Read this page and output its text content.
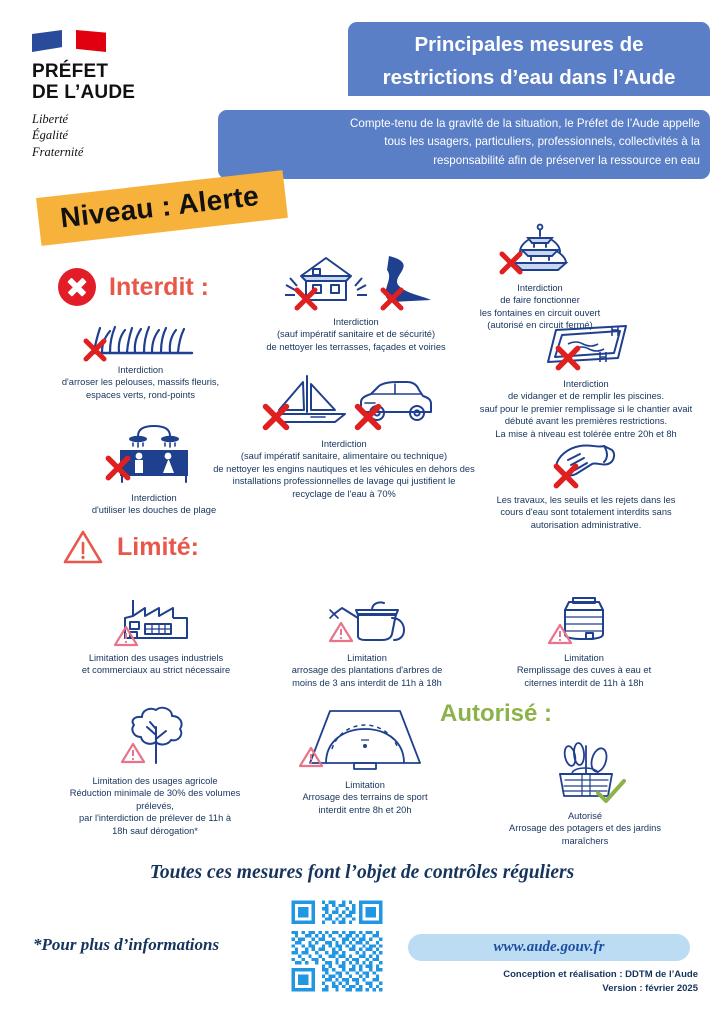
PRÉFET
DE L’AUDE
Liberté
Égalité
Fraternité
Principales mesures de
restrictions d’eau dans l’Aude
Compte-tenu de la gravité de la situation, le Préfet de l’Aude appelle
tous les usagers, particuliers, professionnels, collectivités à la
responsabilité afin de préserver la ressource en eau
Niveau : Alerte
Interdit :
Interdiction
d'arroser les pelouses, massifs fleuris,
espaces verts, rond-points
Interdiction
(sauf impératif sanitaire et de sécurité)
de nettoyer les terrasses, façades et voiries
Interdiction
de faire fonctionner
les fontaines en circuit ouvert
(autorisé en circuit fermé)
Interdiction
de vidanger et de remplir les piscines.
sauf pour le premier remplissage si le chantier avait
débuté avant les premières restrictions.
La mise à niveau est tolérée entre 20h et 8h
Interdiction
(sauf impératif sanitaire, alimentaire ou technique)
de nettoyer les engins nautiques et les véhicules en dehors des
installations professionnelles de lavage qui justifient le
recyclage de l'eau à 70%
Interdiction
d'utiliser les douches de plage
Les travaux, les seuils et les rejets dans les
cours d'eau sont totalement interdits sans
autorisation administrative.
Limité:
Limitation des usages industriels
et commerciaux au strict nécessaire
Limitation
arrosage des plantations d'arbres de
moins de 3 ans interdit de 11h à 18h
Limitation
Remplissage des cuves à eau et
citernes interdit de 11h à 18h
Limitation des usages agricole
Réduction minimale de 30% des volumes
prélevés,
par l'interdiction de prélever de 11h à
18h sauf dérogation*
Limitation
Arrosage des terrains de sport
interdit entre 8h et 20h
Autorisé :
Autorisé
Arrosage des potagers et des jardins
maraîchers
Toutes ces mesures font l’objet de contrôles réguliers
*Pour plus d’informations	www.aude.gouv.fr
Conception et réalisation : DDTM de l’Aude
Version : février 2025
